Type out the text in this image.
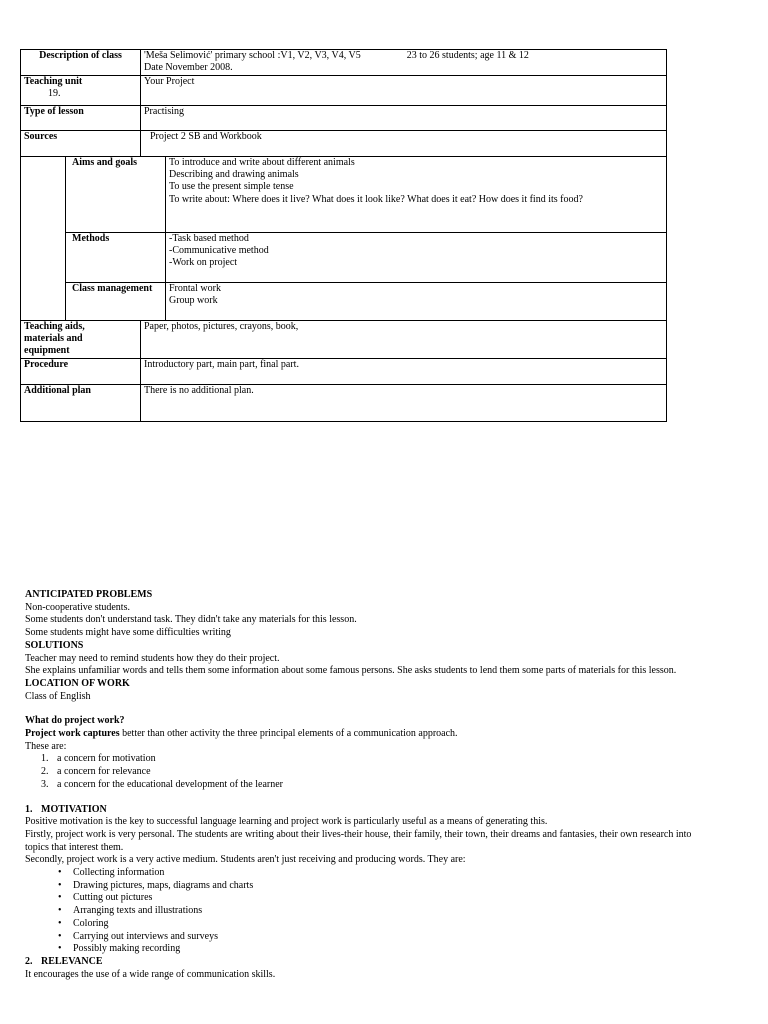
Description of class		'Meša Selimović' primary school :V1, V2, V3, V4, V5 23 to 26 students; age 11 & 12
Date November 2008.	
Teaching unit
19.		Your Project	
Type of lesson		Practising	
Sources		Project 2 SB and Workbook	
	Aims and goals		To introduce and write about different animals
Describing and drawing animals
To use the present simple tense
To write about: Where does it live? What does it look like? What does it eat? How does it find its food?

	Methods		-Task based method
-Communicative method
-Work on project

	Class management		Frontal work
Group work

Teaching aids,
materials and
equipment		Paper, photos, pictures, crayons, book,	
Procedure		Introductory part, main part, final part.	
Additional plan		There is no additional plan.	

ANTICIPATED PROBLEMS

Non-cooperative students.

Some students don't understand task. They didn't take any materials for this lesson.

Some students might have some difficulties writing

SOLUTIONS

Teacher may need to remind students how they do their project.

She explains unfamiliar words and tells them some information about some famous persons. She asks students to lend them some parts of materials for this lesson.

LOCATION OF WORK

Class of English

What do project work?

Project work captures better than other activity the three principal elements of a communication approach.

These are:

1. a concern for motivation
2. a concern for relevance
3. a concern for the educational development of the learner

1. MOTIVATION

Positive motivation is the key to successful language learning and project work is particularly useful as a means of generating this.

Firstly, project work is very personal. The students are writing about their lives-their house, their family, their town, their dreams and fantasies, their own research into topics that interest them.

Secondly, project work is a very active medium. Students aren't just receiving and producing words. They are:

• Collecting information
• Drawing pictures, maps, diagrams and charts
• Cutting out pictures
• Arranging texts and illustrations
• Coloring
• Carrying out interviews and surveys
• Possibly making recording

2. RELEVANCE

It encourages the use of a wide range of communication skills.
